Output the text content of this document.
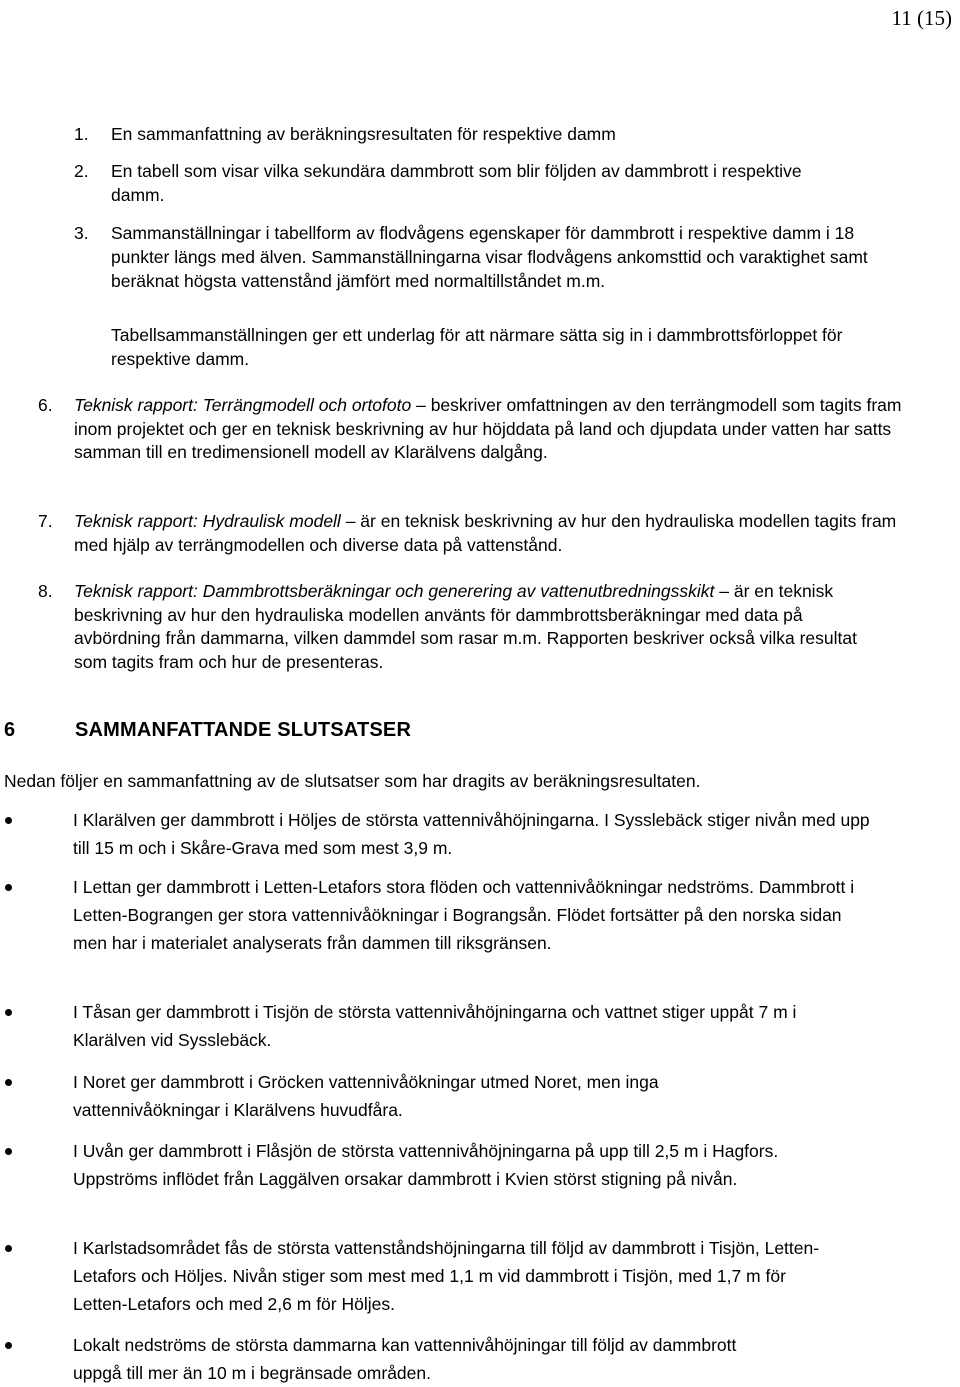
11 (15)
1. En sammanfattning av beräkningsresultaten för respektive damm
2. En tabell som visar vilka sekundära dammbrott som blir följden av dammbrott i respektive damm.
3. Sammanställningar i tabellform av flodvågens egenskaper för dammbrott i respektive damm i 18 punkter längs med älven. Sammanställningarna visar flodvågens ankomsttid och varaktighet samt beräknat högsta vattenstånd jämfört med normaltillståndet m.m.
Tabellsammanställningen ger ett underlag för att närmare sätta sig in i dammbrottsförloppet för respektive damm.
6. Teknisk rapport: Terrängmodell och ortofoto – beskriver omfattningen av den terrängmodell som tagits fram inom projektet och ger en teknisk beskrivning av hur höjddata på land och djupdata under vatten har satts samman till en tredimensionell modell av Klarälvens dalgång.
7. Teknisk rapport: Hydraulisk modell – är en teknisk beskrivning av hur den hydrauliska modellen tagits fram med hjälp av terrängmodellen och diverse data på vattenstånd.
8. Teknisk rapport: Dammbrottsberäkningar och generering av vattenutbredningsskikt – är en teknisk beskrivning av hur den hydrauliska modellen använts för dammbrottsberäkningar med data på avbördning från dammarna, vilken dammdel som rasar m.m. Rapporten beskriver också vilka resultat som tagits fram och hur de presenteras.
6	SAMMANFATTANDE SLUTSATSER
Nedan följer en sammanfattning av de slutsatser som har dragits av beräkningsresultaten.
I Klarälven ger dammbrott i Höljes de största vattennivåhöjningarna. I Sysslebäck stiger nivån med upp till 15 m och i Skåre-Grava med som mest 3,9 m.
I Lettan ger dammbrott i Letten-Letafors stora flöden och vattennivåökningar nedströms. Dammbrott i Letten-Bograngen ger stora vattennivåökningar i Bograngsån. Flödet fortsätter på den norska sidan men har i materialet analyserats från dammen till riksgränsen.
I Tåsan ger dammbrott i Tisjön de största vattennivåhöjningarna och vattnet stiger uppåt 7 m i Klarälven vid Sysslebäck.
I Noret ger dammbrott i Gröcken vattennivåökningar utmed Noret, men inga vattennivåökningar i Klarälvens huvudfåra.
I Uvån ger dammbrott i Flåsjön de största vattennivåhöjningarna på upp till 2,5 m i Hagfors. Uppströms inflödet från Laggälven orsakar dammbrott i Kvien störst stigning på nivån.
I Karlstadsområdet fås de största vattenståndshöjningarna till följd av dammbrott i Tisjön, Letten-Letafors och Höljes. Nivån stiger som mest med 1,1 m vid dammbrott i Tisjön, med 1,7 m för Letten-Letafors och med 2,6 m för Höljes.
Lokalt nedströms de största dammarna kan vattennivåhöjningar till följd av dammbrott uppgå till mer än 10 m i begränsade områden.
